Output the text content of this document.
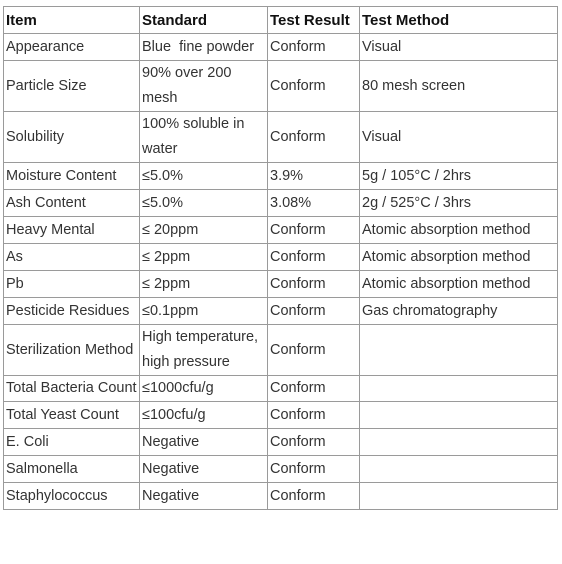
Item	Standard	Test Result	Test Method
Appearance	Blue  fine powder	Conform	Visual
Particle Size	90% over 200 mesh	Conform	80 mesh screen
Solubility	100% soluble in water	Conform	Visual
Moisture Content	≤5.0%	3.9%	5g / 105°C / 2hrs
Ash Content	≤5.0%	3.08%	2g / 525°C / 3hrs
Heavy Mental	≤ 20ppm	Conform	Atomic absorption method
As	≤ 2ppm	Conform	Atomic absorption method
Pb	≤ 2ppm	Conform	Atomic absorption method
Pesticide Residues	≤0.1ppm	Conform	Gas chromatography
Sterilization Method	High temperature, high pressure	Conform	
Total Bacteria Count	≤1000cfu/g	Conform	
Total Yeast Count	≤100cfu/g	Conform	
E. Coli	Negative	Conform	
Salmonella	Negative	Conform	
Staphylococcus	Negative	Conform	
